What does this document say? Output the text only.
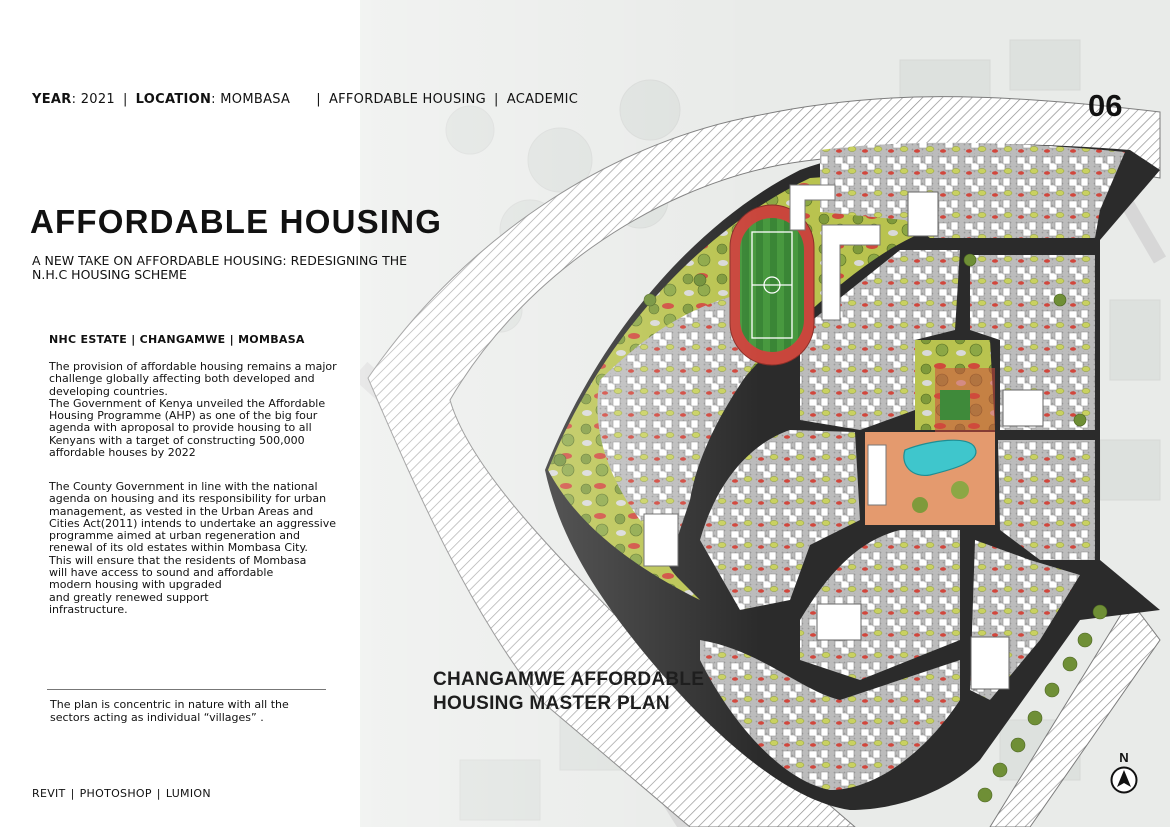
YEAR: 2021 | LOCATION: MOMBASA | AFFORDABLE HOUSING | ACADEMIC	06
AFFORDABLE HOUSING
A NEW TAKE ON AFFORDABLE HOUSING: REDESIGNING THE N.H.C HOUSING SCHEME
NHC ESTATE | CHANGAMWE | MOMBASA
The provision of affordable housing remains a major
challenge globally affecting both developed and
developing countries.
The Government of Kenya unveiled the Affordable
Housing Programme (AHP) as one of the big four
agenda with aproposal to provide housing to all
Kenyans with a target of constructing 500,000
affordable houses by 2022
The County Government in line with the national
agenda on housing and its responsibility for urban
management, as vested in the Urban Areas and
Cities Act(2011) intends to undertake an aggressive
programme aimed at urban regeneration and
renewal of its old estates within Mombasa City.
This will ensure that the residents of Mombasa
will have access to sound and affordable
modern housing with upgraded
and greatly renewed support
infrastructure.
The plan is concentric in nature with all the sectors acting as individual “villages” .
REVIT | PHOTOSHOP | LUMION
CHANGAMWE AFFORDABLE
HOUSING MASTER PLAN
N
